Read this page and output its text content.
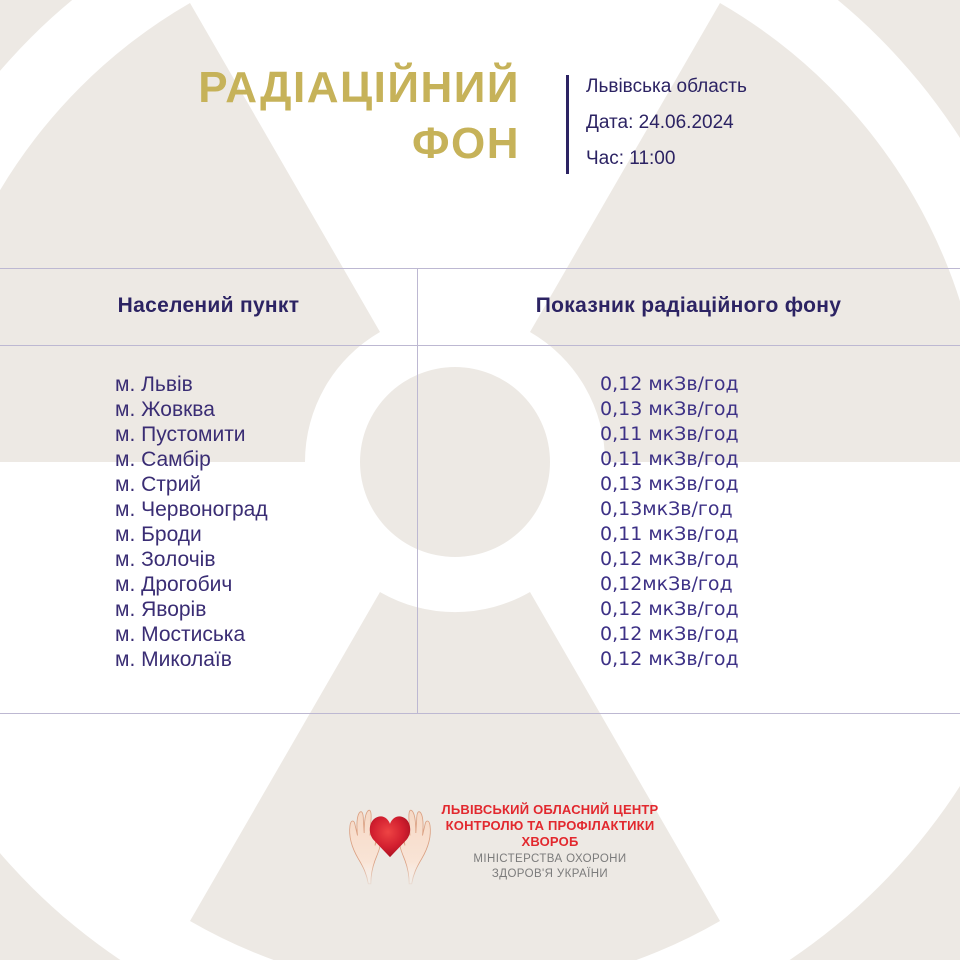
РАДІАЦІЙНИЙ
ФОН
Львівська область
Дата: 24.06.2024
Час: 11:00
Населений пункт	Показник радіаційного фону
м. Львів	0,12 мкЗв/год
м. Жовква	0,13 мкЗв/год
м. Пустомити	0,11 мкЗв/год
м. Самбір	0,11 мкЗв/год
м. Стрий	0,13 мкЗв/год
м. Червоноград	0,13мкЗв/год
м. Броди	0,11 мкЗв/год
м. Золочів	0,12 мкЗв/год
м. Дрогобич	0,12мкЗв/год
м. Яворів	0,12 мкЗв/год
м. Мостиська	0,12 мкЗв/год
м. Миколаїв	0,12 мкЗв/год
ЛЬВІВСЬКИЙ ОБЛАСНИЙ ЦЕНТР
КОНТРОЛЮ ТА ПРОФІЛАКТИКИ
ХВОРОБ
МІНІСТЕРСТВА ОХОРОНИ
ЗДОРОВ'Я УКРАЇНИ
